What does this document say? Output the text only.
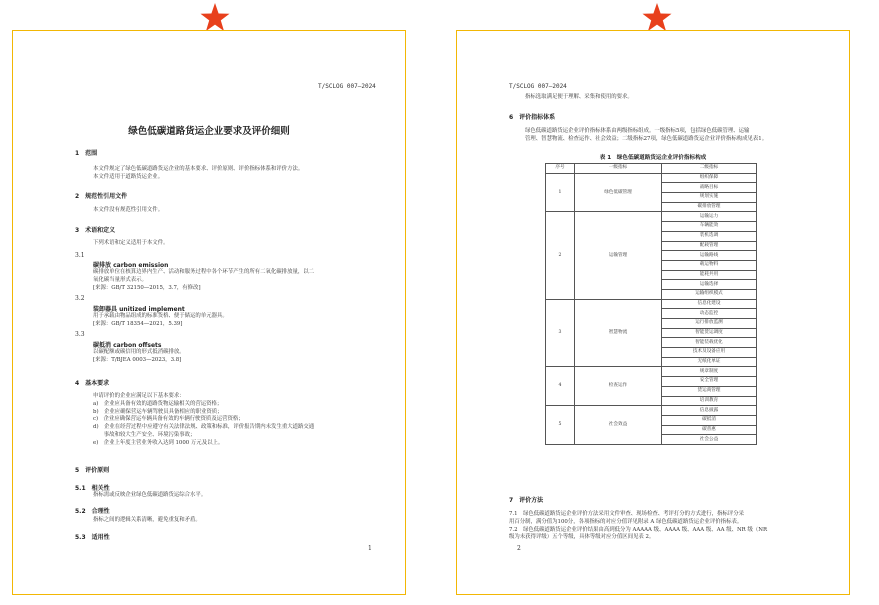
T/SCLOG 007—2024
绿色低碳道路货运企业要求及评价细则
1　范围
本文件规定了绿色低碳道路货运企业的基本要求、评价原则、评价指标体系和评价方法。
本文件适用于道路货运企业。
2　规范性引用文件
本文件没有规范性引用文件。
3　术语和定义
下列术语和定义适用于本文件。
3.1
碳排放 carbon emission
碳排放单位在核算边界内生产、活动和服务过程中各个环节产生的所有二氧化碳排放量，以二
氧化碳当量形式表示。
[来源：GB/T 32150—2015，3.7，有修改]
3.2
装卸器具 unitized implement
用于承载由物品组成的标准货格、便于储运的单元器具。
[来源：GB/T 18354—2021，5.39]
3.3
碳抵消 carbon offsets
以碳配额或碳信用的形式抵消碳排放。
[来源：T/BJEA 0003—2023，3.8]
4　基本要求
申请评价的企业应满足以下基本要求：
a)　企业应具备有效的道路货物运输相关的营运资格；
b)　企业应确保营运车辆驾驶员具备相应的职业资质；
c)　企业应确保营运车辆具备有效的车辆行驶资质及运营资格；
d)　企业在经营过程中应遵守有关法律法规、政策和标准，评价报告期内未发生重大道路交通
　　事故和较大生产安全、环境污染事故；
e)　企业上年度主营业务收入达到 1000 万元及以上。
5　评价原则
5.1　相关性
指标需或反映企业绿色低碳道路货运综合水平。
5.2　合理性
指标之间的逻辑关系清晰，避免重复和矛盾。
5.3　适用性
1
T/SCLOG 007—2024
指标选取满足便于理解、采集和使用的要求。
6　评价指标体系
绿色低碳道路货运企业评价指标体系由两级指标组成。一级指标5项，包括绿色低碳管理、运输
管理、智慧物流、检查运作、社会效益；二级指标27项，绿色低碳道路货运企业评价指标构成见表1。
表 1　绿色低碳道路货运企业评价指标构成
序号	一级指标	二级指标
1	绿色低碳管理	组织保障
		战略目标
		规划实施
		碳排放管理
2	运输管理	运输运力
		车辆能效
		装机选调
		配载管理
		运输路线
		载运物料
		能耗共用
		运输选择
		运输组织模式
3	智慧物流	信息化建设
		动态监控
		运行排放监测
		智能货运调度
		智能装载优化
		技术及设备应用
		无纸化单证
4	检查运作	规章制度
		安全管理
		货运商管理
		培训教育
5	社会效益	信息披露
		碳抵消
		碳普惠
		社会公益
7　评价方法
7.1　绿色低碳道路货运企业评价方法采用文件审查、现场检查、考评打分的方式进行，指标评分采
用百分制，满分值为100分，各项指标的对应分值详见附录 A 绿色低碳道路货运企业评价指标表。
7.2　绿色低碳道路货运企业评价结果由高到低分为 AAAAA 级、AAAA 级、AAA 级、AA 级、NR 级（NR
级为未获得评级）五个等级，具体等级对应分值区间见表 2。
2
